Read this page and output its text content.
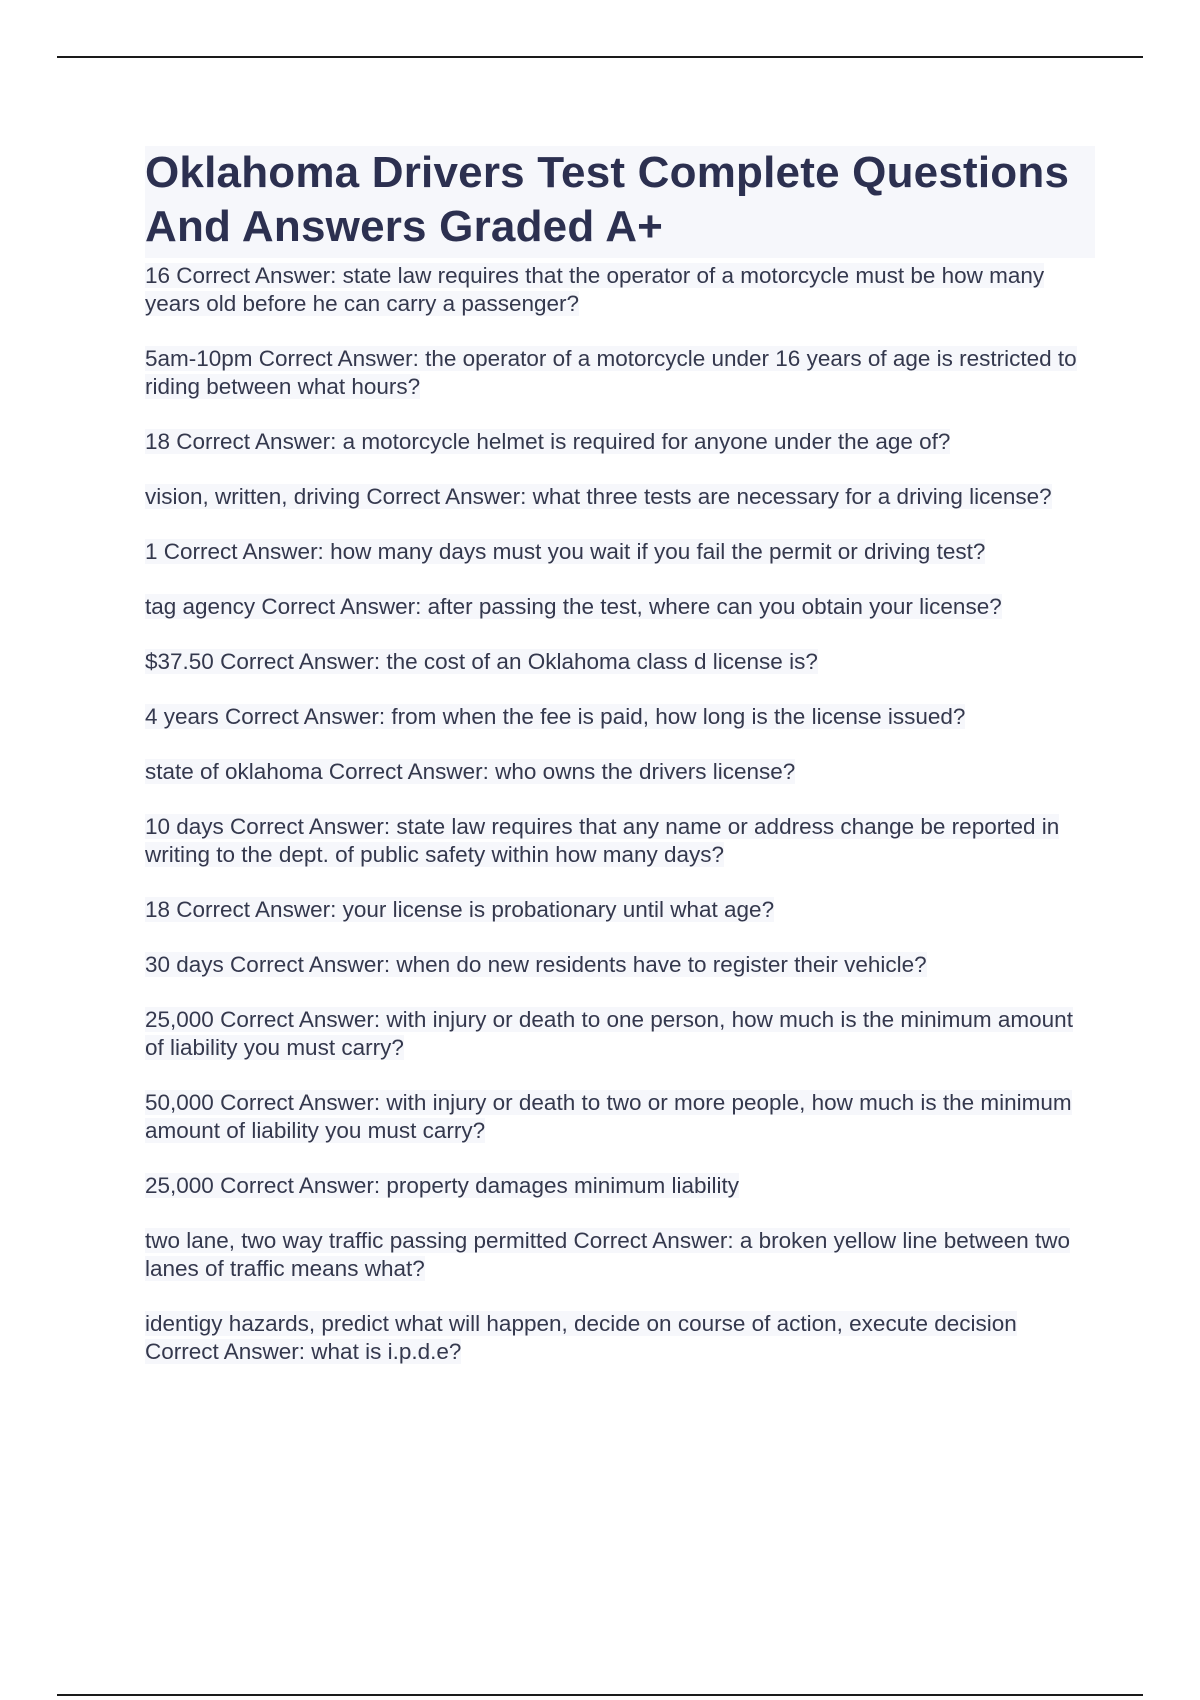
Oklahoma Drivers Test Complete Questions And Answers Graded A+

16 Correct Answer: state law requires that the operator of a motorcycle must be how many years old before he can carry a passenger?

5am-10pm Correct Answer: the operator of a motorcycle under 16 years of age is restricted to riding between what hours?

18 Correct Answer: a motorcycle helmet is required for anyone under the age of?

vision, written, driving Correct Answer: what three tests are necessary for a driving license?

1 Correct Answer: how many days must you wait if you fail the permit or driving test?

tag agency Correct Answer: after passing the test, where can you obtain your license?

$37.50 Correct Answer: the cost of an Oklahoma class d license is?

4 years Correct Answer: from when the fee is paid, how long is the license issued?

state of oklahoma Correct Answer: who owns the drivers license?

10 days Correct Answer: state law requires that any name or address change be reported in writing to the dept. of public safety within how many days?

18 Correct Answer: your license is probationary until what age?

30 days Correct Answer: when do new residents have to register their vehicle?

25,000 Correct Answer: with injury or death to one person, how much is the minimum amount of liability you must carry?

50,000 Correct Answer: with injury or death to two or more people, how much is the minimum amount of liability you must carry?

25,000 Correct Answer: property damages minimum liability

two lane, two way traffic passing permitted Correct Answer: a broken yellow line between two lanes of traffic means what?

identigy hazards, predict what will happen, decide on course of action, execute decision Correct Answer: what is i.p.d.e?
